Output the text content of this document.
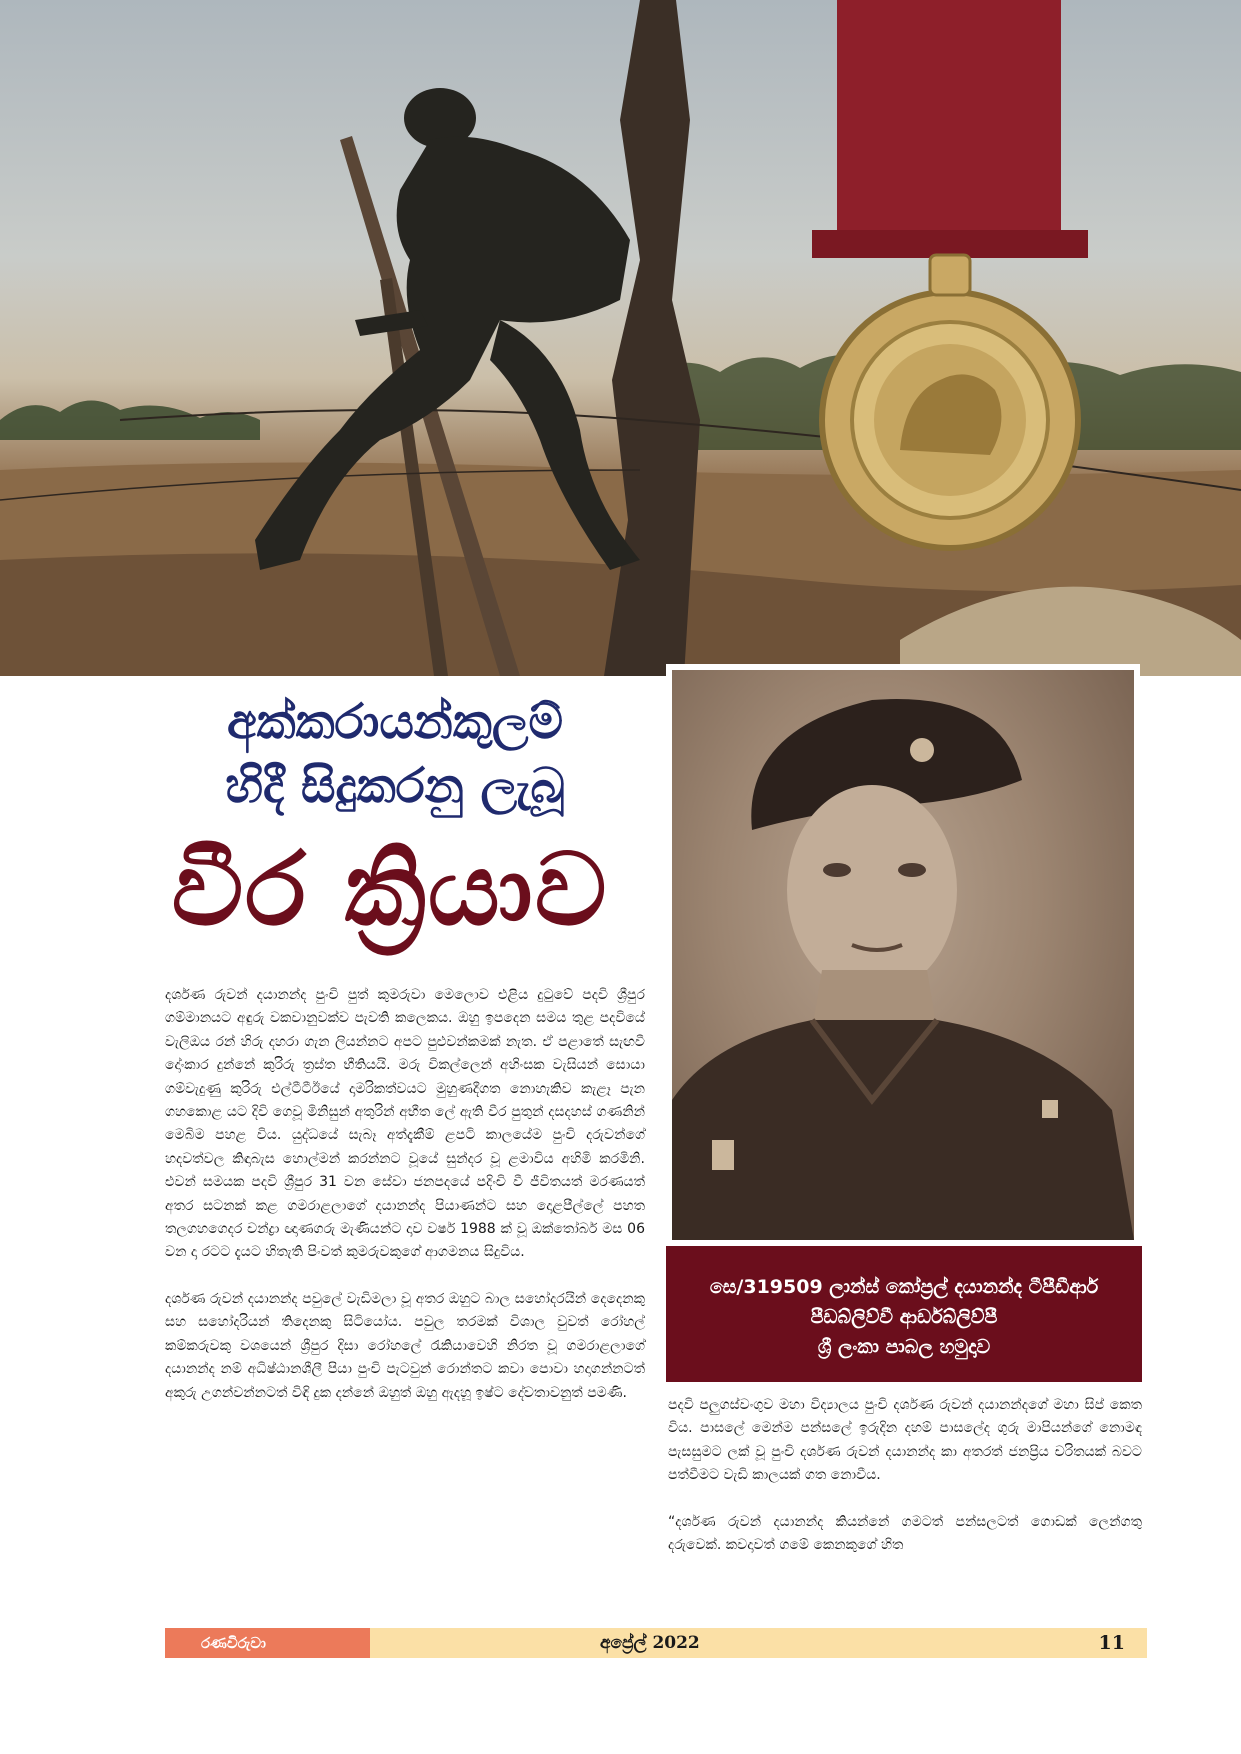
අක්කරායන්කුලම්
හිදී සිදුකරනු ලැබූ
වීර ක්‍රියාව
සෙ/319509 ලාන්ස් කෝප්‍රල් දයානන්ද ටීපීඩීආර්
පීඩබ්ලිව්වී ආර්ඩබ්ලිව්පී
ශ්‍රී ලංකා පාබල හමුදාව

දර්ශණ රුවන් දයානන්ද පුංචි පුත් කුමරුවා මෙලොව එළිය දුටුවේ පදවි ශ්‍රීපුර ගම්මානයට අඳුරු වකවානුවක්ව පැවති කලෙකය. ඔහු ඉපදෙන සමය තුළ පදවියේ වැලිඔය රන් හිරු දහරා ගැන ලියන්නට අපට පුළුවන්කමක් නැත. ඒ පළාතේ සැඟවී දෝංකාර දුන්නේ කුරිරු ත්‍රස්ත භීතියයි. මරු විකල්ලෙන් අහිංසක වැසියන් සොයා ගම්වැදුණු කුරිරු එල්ටීටීඊයේ දාමරිකත්වයට මුහුණදීගත නොහැකිව කැළෑ පැන ගහකොළ යට දිවි ගෙවූ මිනිසුන් අතුරින් අභීත ලේ ඇති වීර පුතුන් දසදහස් ගණනින් මෙබිම පහළ විය. යුද්ධයේ සැබෑ අත්දැකීම් ළපටි කාලයේම පුංචි දරුවන්ගේ හදවත්වල කිඳාබැස හොල්මන් කරන්නට වූයේ සුන්දර වූ ළමාවිය අහිමි කරමිනි. එවන් සමයක පදවි ශ්‍රීපුර 31 වන සේවා ජනපදයේ පදිංචි වී ජීවිතයත් මරණයත් අතර සටනක් කළ ගමරාළලාගේ දයානන්ද පියාණන්ට සහ දොළපීල්ලේ පහත තලගහගෙදර චන්ද්‍රා ඥාණගරු මැණියන්ට දාව වර්ෂ 1988 ක් වූ ඔක්තෝබර් මස 06 වන දා රටට දැයට හිතැති පිංවත් කුමරුවකුගේ ආගමනය සිදුවිය.

දර්ශණ රුවන් දයානන්ද පවුලේ වැඩිමලා වූ අතර ඔහුට බාල සහෝදරයින් දෙදෙනකු සහ සහෝදරියන් තිදෙනකු සිටියෝය. පවුල තරමක් විශාල වුවත් රෝහල් කම්කරුවකු වශයෙන් ශ්‍රීපුර දිසා රෝහලේ රැකියාවෙහි නිරත වූ ගමරාළලාගේ දයානන්ද නම් අධිෂ්ඨානශීලී පියා පුංචි පැටවුන් රොන්තට කවා පොවා හදාගන්නටත් අකුරු උගන්වන්නටත් විඳි දුක දන්නේ ඔහුත් ඔහු ඇදහූ ඉෂ්ට දේවතාවනුත් පමණි.

පදවි පලුගස්වංගුව මහා විද්‍යාලය පුංචි දර්ශණ රුවන් දයානන්දගේ මහා සිප් කෙත විය. පාසලේ මෙන්ම පන්සලේ ඉරුදින දහම් පාසලේද ගුරු මාපියන්ගේ නොමඳ පැසසුමට ලක් වූ පුංචි දර්ශණ රුවන් දයානන්ද කා අතරත් ජනප්‍රිය චරිතයක් බවට පත්වීමට වැඩි කාලයක් ගත නොවීය.

“දර්ශණ රුවන් දයානන්ද කියන්නේ ගමටත් පන්සලටත් ගොඩක් ලෙන්ගතු දරුවෙක්. කවදාවත් ගමේ කෙනකුගේ හිත

රණවිරුවා	අප්‍රේල් 2022	11
